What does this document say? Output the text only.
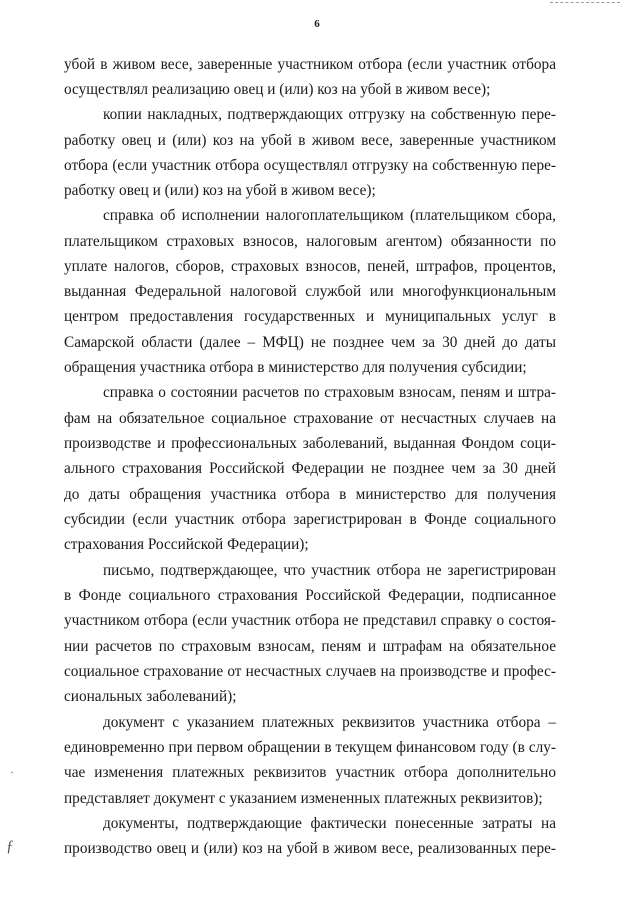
6
убой в живом весе, заверенные участником отбора (если участник отбора
осуществлял реализацию овец и (или) коз на убой в живом весе);
копии накладных, подтверждающих отгрузку на собственную пере-
работку овец и (или) коз на убой в живом весе, заверенные участником
отбора (если участник отбора осуществлял отгрузку на собственную пере-
работку овец и (или) коз на убой в живом весе);
справка об исполнении налогоплательщиком (плательщиком сбора,
плательщиком страховых взносов, налоговым агентом) обязанности по
уплате налогов, сборов, страховых взносов, пеней, штрафов, процентов,
выданная Федеральной налоговой службой или многофункциональным
центром предоставления государственных и муниципальных услуг в
Самарской области (далее – МФЦ) не позднее чем за 30 дней до даты
обращения участника отбора в министерство для получения субсидии;
справка о состоянии расчетов по страховым взносам, пеням и штра-
фам на обязательное социальное страхование от несчастных случаев на
производстве и профессиональных заболеваний, выданная Фондом соци-
ального страхования Российской Федерации не позднее чем за 30 дней
до даты обращения участника отбора в министерство для получения
субсидии (если участник отбора зарегистрирован в Фонде социального
страхования Российской Федерации);
письмо, подтверждающее, что участник отбора не зарегистрирован
в Фонде социального страхования Российской Федерации, подписанное
участником отбора (если участник отбора не представил справку о состоя-
нии расчетов по страховым взносам, пеням и штрафам на обязательное
социальное страхование от несчастных случаев на производстве и профес-
сиональных заболеваний);
документ с указанием платежных реквизитов участника отбора –
единовременно при первом обращении в текущем финансовом году (в слу-
чае изменения платежных реквизитов участник отбора дополнительно
представляет документ с указанием измененных платежных реквизитов);
документы, подтверждающие фактически понесенные затраты на
производство овец и (или) коз на убой в живом весе, реализованных пере-
·
ƒ
